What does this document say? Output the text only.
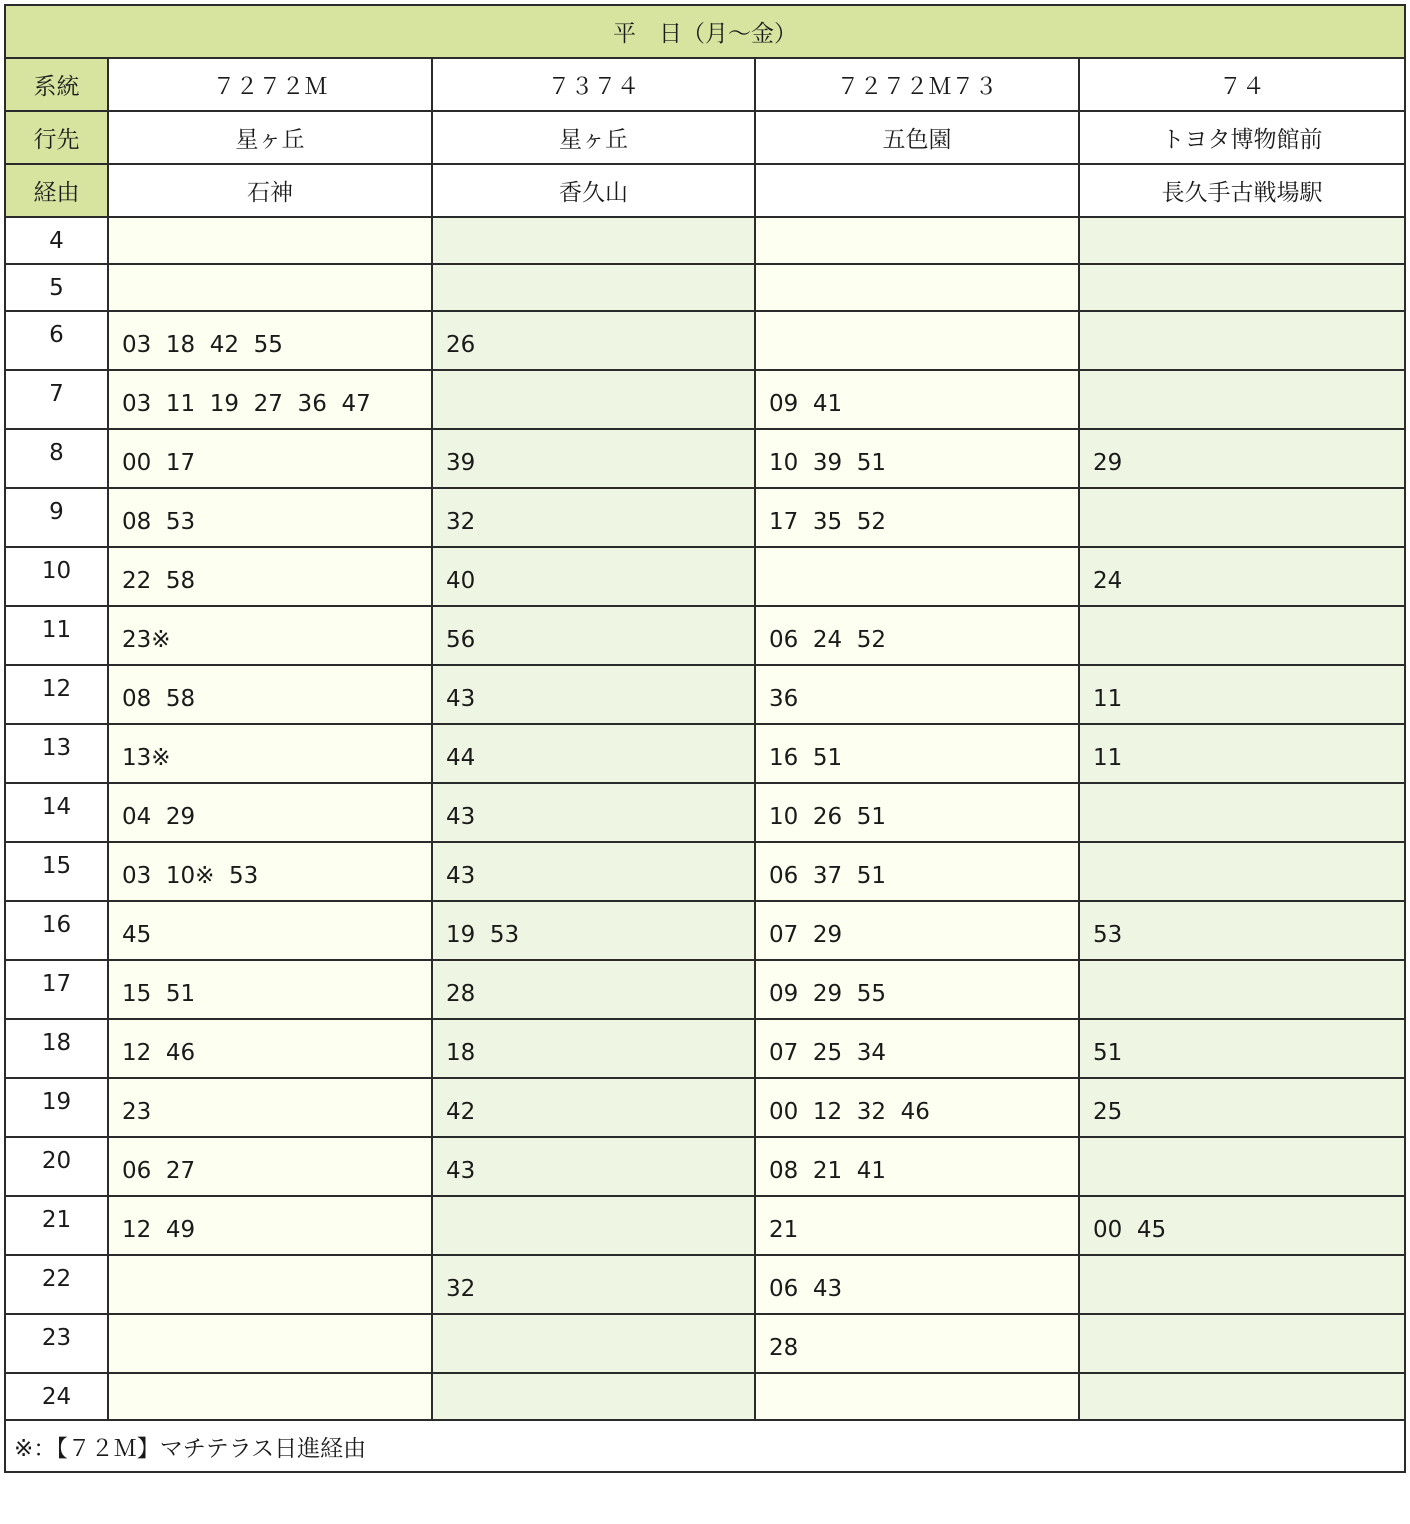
平　日（月～金）				
系統	７２７２Ｍ	７３７４	７２７２Ｍ７３	７４
行先	星ヶ丘	星ヶ丘	五色園	トヨタ博物館前
経由	石神	香久山		長久手古戦場駅
4				
5				
6	03  18  42  55	26		
7	03  11  19  27  36  47		09  41	
8	00  17	39	10  39  51	29
9	08  53	32	17  35  52	
10	22  58	40		24
11	23※	56	06  24  52	
12	08  58	43	36	11
13	13※	44	16  51	11
14	04  29	43	10  26  51	
15	03  10※  53	43	06  37  51	
16	45	19  53	07  29	53
17	15  51	28	09  29  55	
18	12  46	18	07  25  34	51
19	23	42	00  12  32  46	25
20	06  27	43	08  21  41	
21	12  49		21	00  45
22		32	06  43	
23			28	
24				
※：【７２Ｍ】マチテラス日進経由				
